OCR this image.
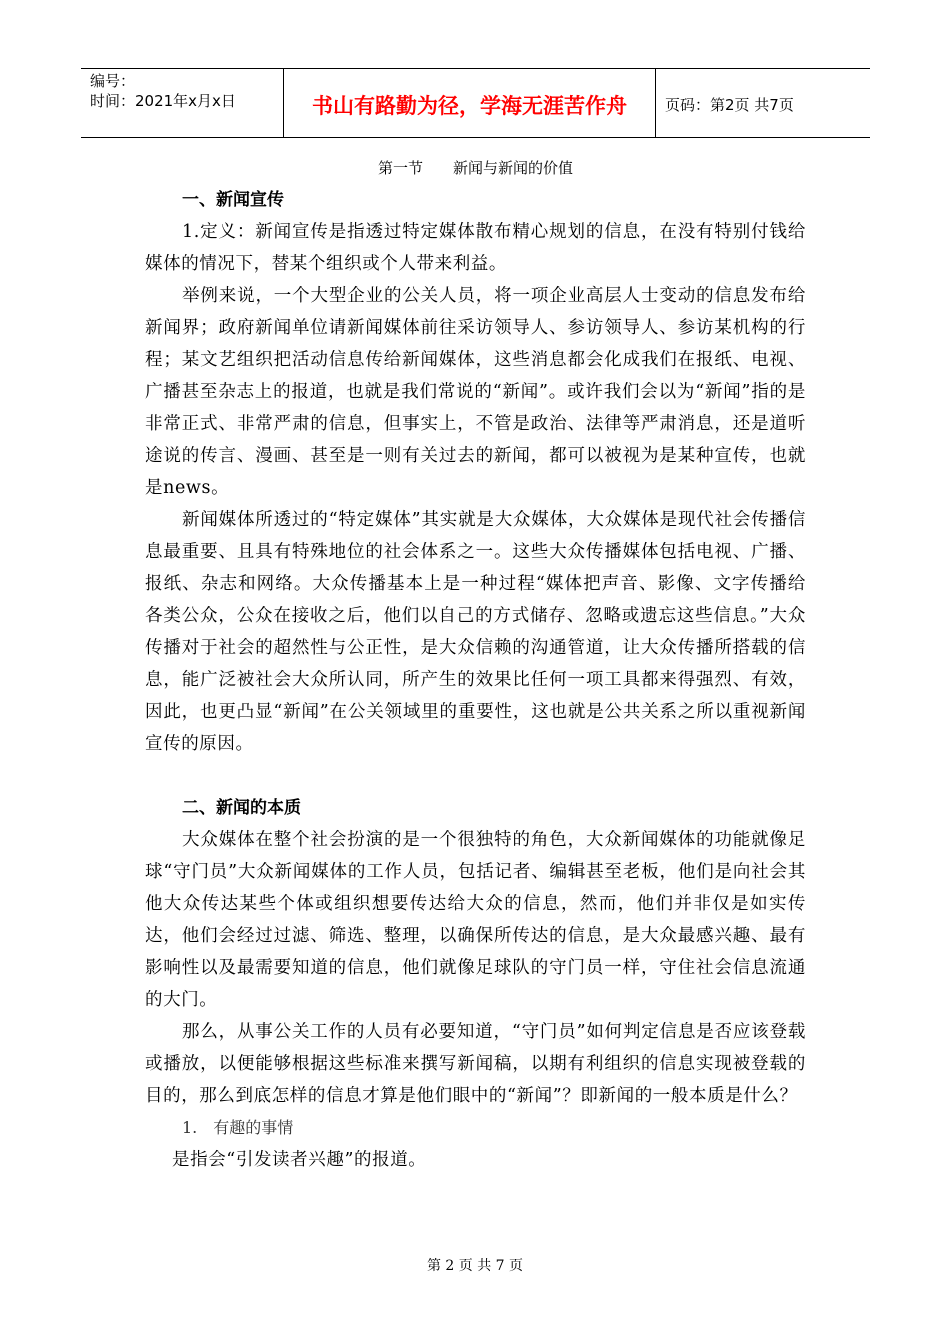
编号：
时间：2021年x月x日	书山有路勤为径，学海无涯苦作舟	页码：第2页 共7页
第一节　　新闻与新闻的价值
一、新闻宣传

1.定义：新闻宣传是指透过特定媒体散布精心规划的信息，在没有特别付钱给媒体的情况下，替某个组织或个人带来利益。

举例来说，一个大型企业的公关人员，将一项企业高层人士变动的信息发布给新闻界；政府新闻单位请新闻媒体前往采访领导人、参访领导人、参访某机构的行程；某文艺组织把活动信息传给新闻媒体，这些消息都会化成我们在报纸、电视、广播甚至杂志上的报道，也就是我们常说的“新闻”。或许我们会以为“新闻”指的是非常正式、非常严肃的信息，但事实上，不管是政治、法律等严肃消息，还是道听途说的传言、漫画、甚至是一则有关过去的新闻，都可以被视为是某种宣传，也就是news。

新闻媒体所透过的“特定媒体”其实就是大众媒体，大众媒体是现代社会传播信息最重要、且具有特殊地位的社会体系之一。这些大众传播媒体包括电视、广播、报纸、杂志和网络。大众传播基本上是一种过程“媒体把声音、影像、文字传播给各类公众，公众在接收之后，他们以自己的方式储存、忽略或遗忘这些信息。”大众传播对于社会的超然性与公正性，是大众信赖的沟通管道，让大众传播所搭载的信息，能广泛被社会大众所认同，所产生的效果比任何一项工具都来得强烈、有效，因此，也更凸显“新闻”在公关领域里的重要性，这也就是公共关系之所以重视新闻宣传的原因。

二、新闻的本质

大众媒体在整个社会扮演的是一个很独特的角色，大众新闻媒体的功能就像足球“守门员”大众新闻媒体的工作人员，包括记者、编辑甚至老板，他们是向社会其他大众传达某些个体或组织想要传达给大众的信息，然而，他们并非仅是如实传达，他们会经过过滤、筛选、整理，以确保所传达的信息，是大众最感兴趣、最有影响性以及最需要知道的信息，他们就像足球队的守门员一样，守住社会信息流通的大门。

那么，从事公关工作的人员有必要知道，“守门员”如何判定信息是否应该登载或播放，以便能够根据这些标准来撰写新闻稿，以期有利组织的信息实现被登载的目的，那么到底怎样的信息才算是他们眼中的“新闻”？即新闻的一般本质是什么？

1.　有趣的事情

是指会“引发读者兴趣”的报道。

第 2 页 共 7 页
